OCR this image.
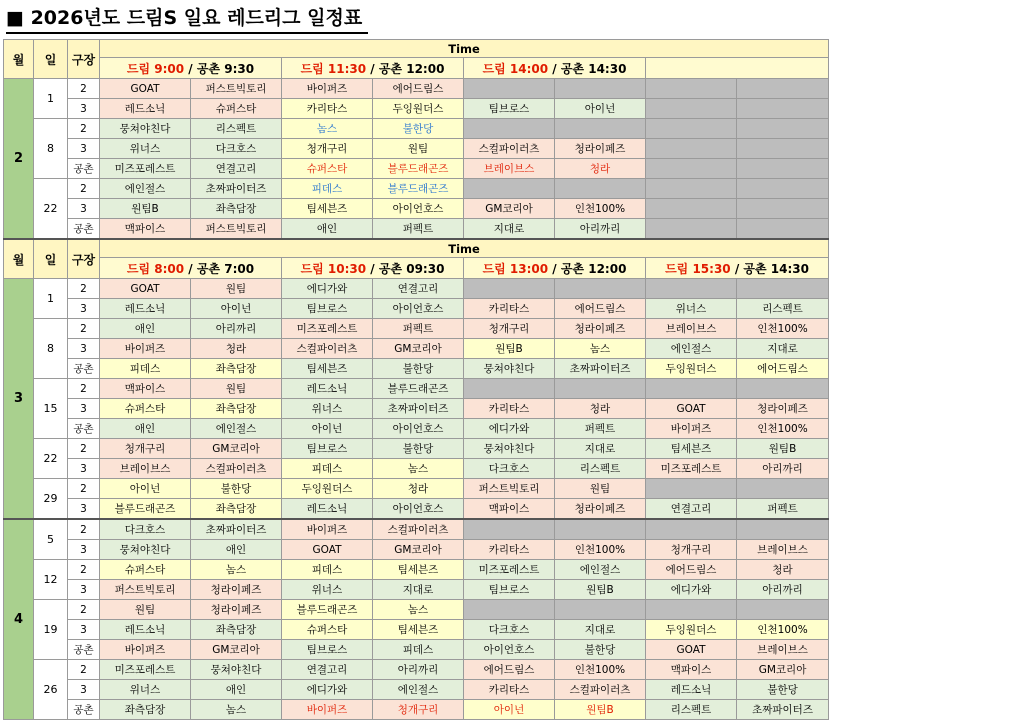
■ 2026년도 드림S 일요 레드리그 일정표
월	일	구장	Time							
			드림 9:00 / 공촌 9:30		드림 11:30 / 공촌 12:00		드림 14:00 / 공촌 14:30			
2	1	2	GOAT	퍼스트빅토리	바이퍼즈	에어드림스				
		3	레드소닉	슈퍼스타	카리타스	두잉원더스	팀브로스	아이넌		
	8	2	뭉쳐야친다	리스펙트	놈스	불한당				
		3	위너스	다크호스	청개구리	원팀	스컬파이러츠	청라이페즈		
		공촌	미즈포레스트	연결고리	슈퍼스타	블루드래곤즈	브레이브스	청라		
	22	2	에인절스	초짜파이터즈	피데스	블루드래곤즈				
		3	원팀B	좌측담장	팀세븐즈	아이언호스	GM코리아	인천100%		
		공촌	맥파이스	퍼스트빅토리	애인	퍼펙트	지대로	아리까리		
월	일	구장	Time							
			드림 8:00 / 공촌 7:00		드림 10:30 / 공촌 09:30		드림 13:00 / 공촌 12:00		드림 15:30 / 공촌 14:30	
3	1	2	GOAT	원팀	에디가와	연결고리				
		3	레드소닉	아이넌	팀브로스	아이언호스	카리타스	에어드림스	위너스	리스펙트
	8	2	애인	아리까리	미즈포레스트	퍼펙트	청개구리	청라이페즈	브레이브스	인천100%
		3	바이퍼즈	청라	스컬파이러츠	GM코리아	원팀B	놈스	에인절스	지대로
		공촌	피데스	좌측담장	팀세븐즈	불한당	뭉쳐야친다	초짜파이터즈	두잉원더스	에어드림스
	15	2	맥파이스	원팀	레드소닉	블루드래곤즈				
		3	슈퍼스타	좌측담장	위너스	초짜파이터즈	카리타스	청라	GOAT	청라이페즈
		공촌	애인	에인절스	아이넌	아이언호스	에디가와	퍼펙트	바이퍼즈	인천100%
	22	2	청개구리	GM코리아	팀브로스	불한당	뭉쳐야친다	지대로	팀세븐즈	원팀B
		3	브레이브스	스컬파이러츠	피데스	놈스	다크호스	리스펙트	미즈포레스트	아리까리
	29	2	아이넌	불한당	두잉원더스	청라	퍼스트빅토리	원팀		
		3	블루드래곤즈	좌측담장	레드소닉	아이언호스	맥파이스	청라이페즈	연결고리	퍼펙트
4	5	2	다크호스	초짜파이터즈	바이퍼즈	스컬파이러츠				
		3	뭉쳐야친다	애인	GOAT	GM코리아	카리타스	인천100%	청개구리	브레이브스
	12	2	슈퍼스타	놈스	피데스	팀세븐즈	미즈포레스트	에인절스	에어드림스	청라
		3	퍼스트빅토리	청라이페즈	위너스	지대로	팀브로스	원팀B	에디가와	아리까리
	19	2	원팀	청라이페즈	블루드래곤즈	놈스				
		3	레드소닉	좌측담장	슈퍼스타	팀세븐즈	다크호스	지대로	두잉원더스	인천100%
		공촌	바이퍼즈	GM코리아	팀브로스	피데스	아이언호스	불한당	GOAT	브레이브스
	26	2	미즈포레스트	뭉쳐야친다	연결고리	아리까리	에어드림스	인천100%	맥파이스	GM코리아
		3	위너스	애인	에디가와	에인절스	카리타스	스컬파이러츠	레드소닉	불한당
		공촌	좌측담장	놈스	바이퍼즈	청개구리	아이넌	원팀B	리스펙트	초짜파이터즈
